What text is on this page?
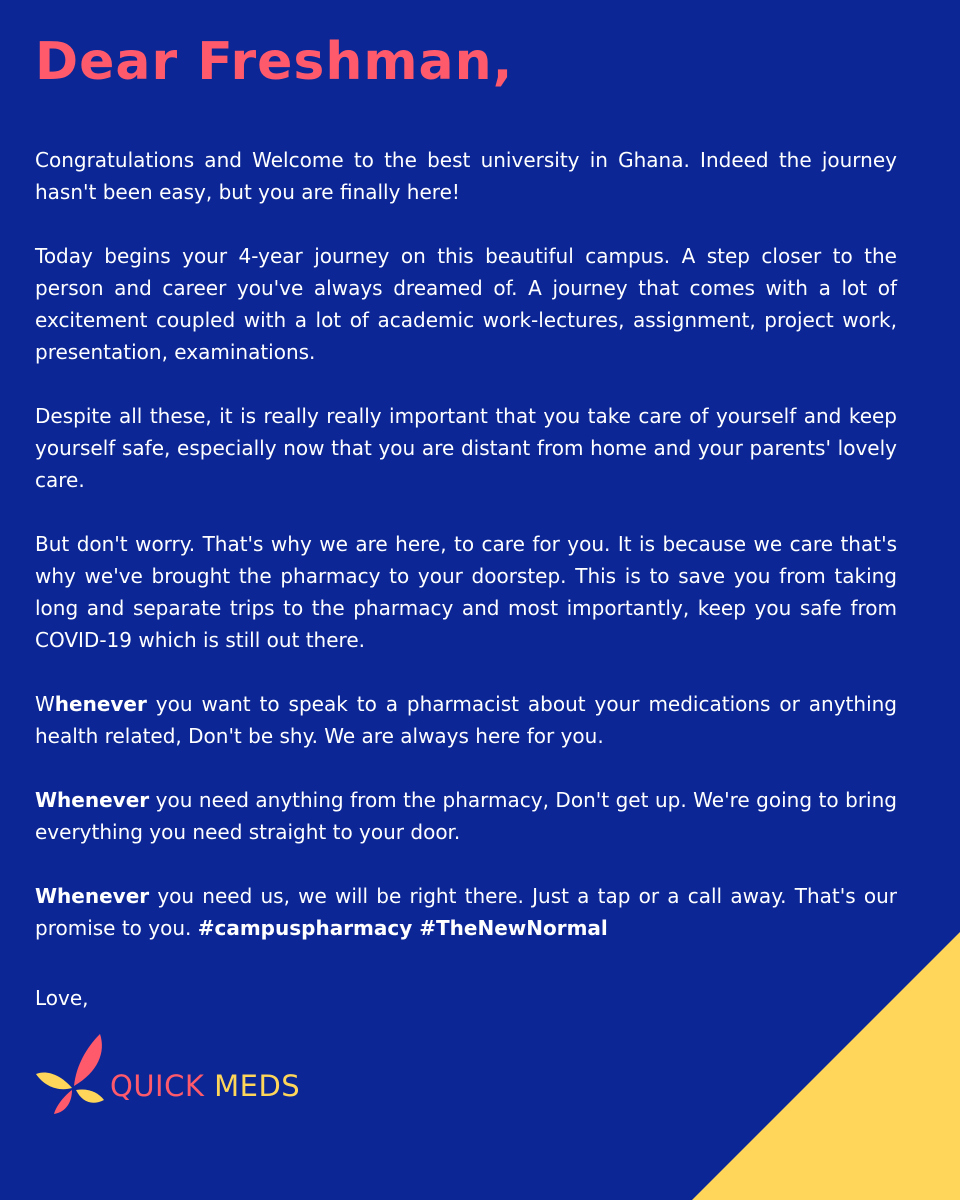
Dear Freshman,

Congratulations and Welcome to the best university in Ghana. Indeed the journey hasn't been easy, but you are finally here!

Today begins your 4-year journey on this beautiful campus. A step closer to the person and career you've always dreamed of. A journey that comes with a lot of excitement coupled with a lot of academic work-lectures, assignment, project work, presentation, examinations.

Despite all these, it is really really important that you take care of yourself and keep yourself safe, especially now that you are distant from home and your parents' lovely care.

But don't worry. That's why we are here, to care for you. It is because we care that's why we've brought the pharmacy to your doorstep. This is to save you from taking long and separate trips to the pharmacy and most importantly, keep you safe from COVID-19 which is still out there.

Whenever you want to speak to a pharmacist about your medications or anything health related, Don't be shy. We are always here for you.

Whenever you need anything from the pharmacy, Don't get up. We're going to bring everything you need straight to your door.

Whenever you need us, we will be right there. Just a tap or a call away. That's our promise to you. #campuspharmacy #TheNewNormal

Love,

QUICK MEDS
